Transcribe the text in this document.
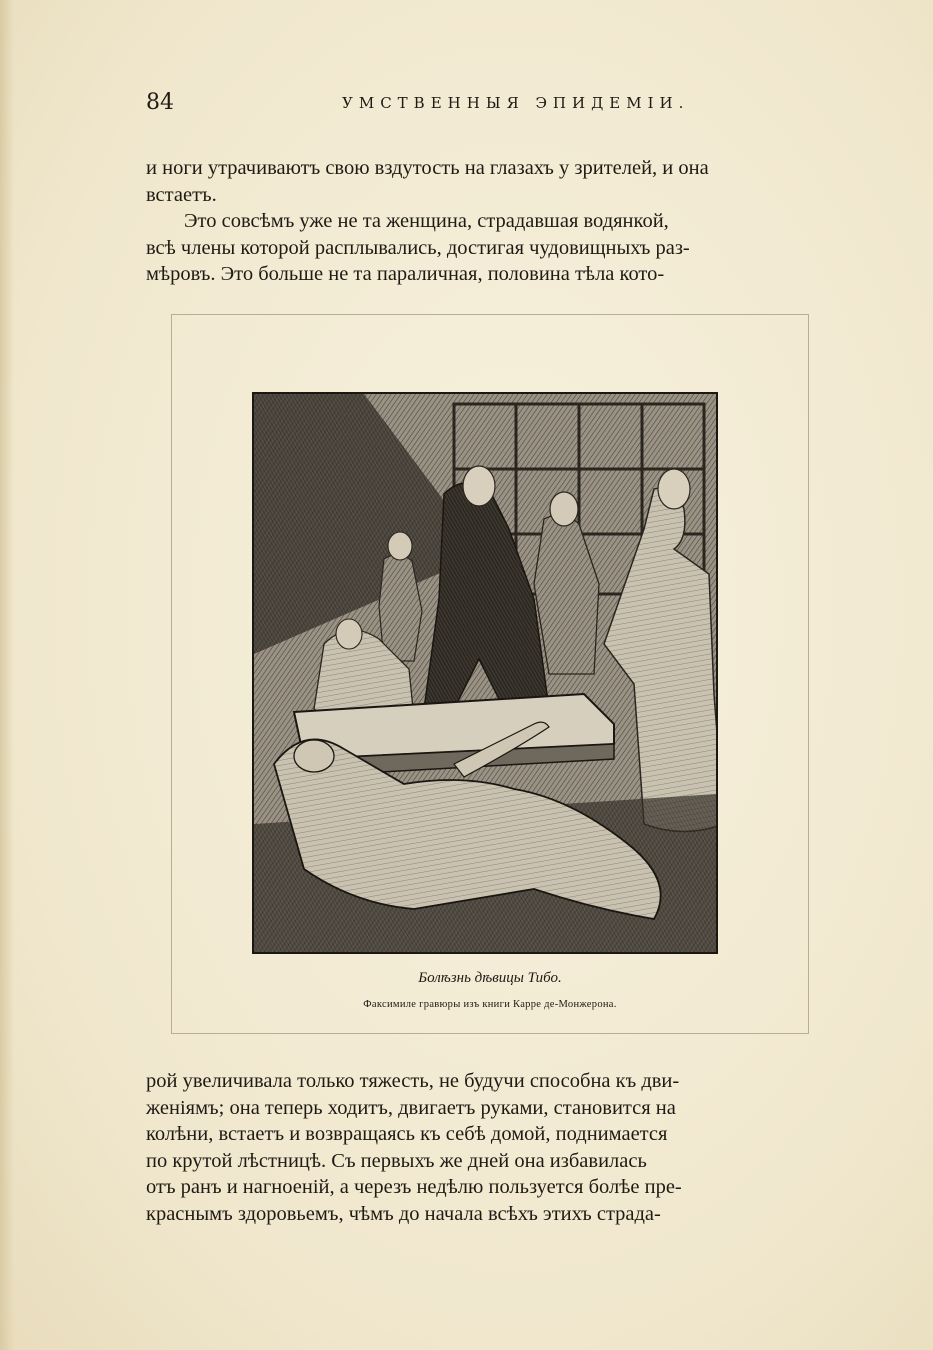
84	УМСТВЕННЫЯ ЭПИДЕМІИ.
и ноги утрачиваютъ свою вздутость на глазахъ у зрителей, и она
встаетъ.
Это совсѣмъ уже не та женщина, страдавшая водянкой,
всѣ члены которой расплывались, достигая чудовищныхъ раз-
мѣровъ. Это больше не та параличная, половина тѣла кото-
Болѣзнь дѣвицы Тибо.
Факсимиле гравюры изъ книги Карре де-Монжерона.
рой увеличивала только тяжесть, не будучи способна къ дви-
женіямъ; она теперь ходитъ, двигаетъ руками, становится на
колѣни, встаетъ и возвращаясь къ себѣ домой, поднимается
по крутой лѣстницѣ. Съ первыхъ же дней она избавилась
отъ ранъ и нагноеній, а черезъ недѣлю пользуется болѣе пре-
краснымъ здоровьемъ, чѣмъ до начала всѣхъ этихъ страда-
